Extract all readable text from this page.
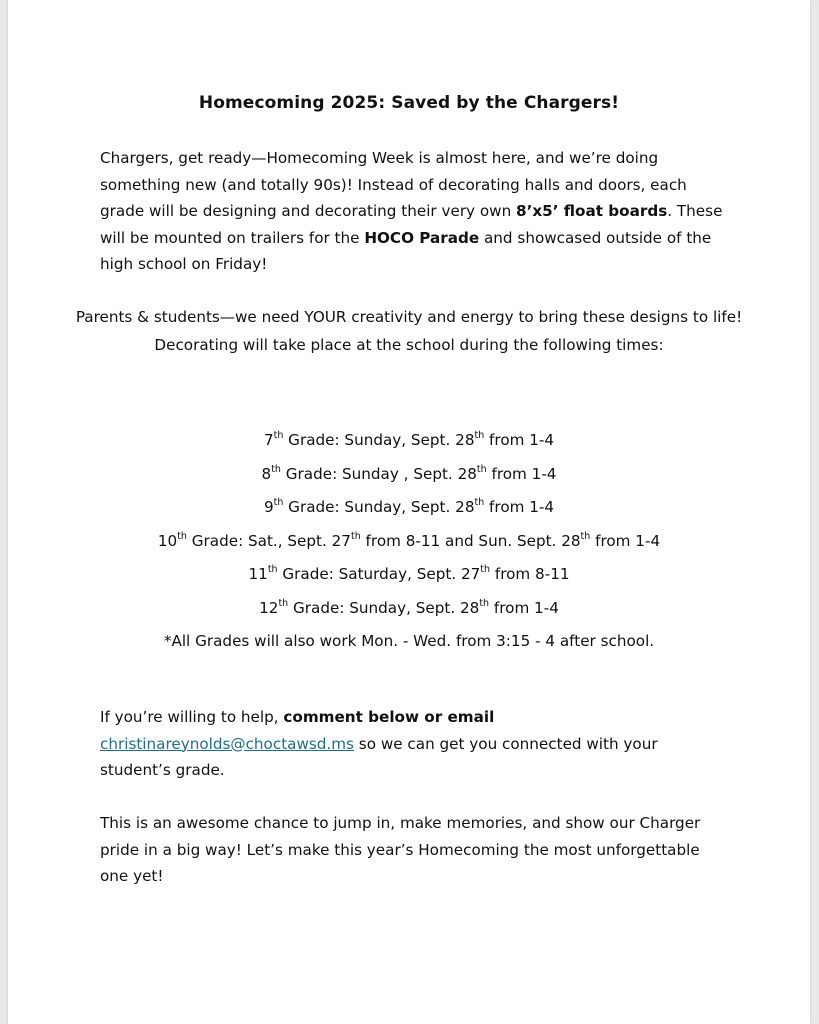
Homecoming 2025: Saved by the Chargers!
Chargers, get ready—Homecoming Week is almost here, and we’re doing something new (and totally 90s)! Instead of decorating halls and doors, each grade will be designing and decorating their very own 8’x5’ float boards. These will be mounted on trailers for the HOCO Parade and showcased outside of the high school on Friday!
Parents & students—we need YOUR creativity and energy to bring these designs to life! Decorating will take place at the school during the following times:
7th Grade: Sunday, Sept. 28th from 1-4
8th Grade: Sunday , Sept. 28th from 1-4
9th Grade: Sunday, Sept. 28th from 1-4
10th Grade: Sat., Sept. 27th from 8-11 and Sun. Sept. 28th from 1-4
11th Grade: Saturday, Sept. 27th from 8-11
12th Grade: Sunday, Sept. 28th from 1-4
*All Grades will also work Mon. - Wed. from 3:15 - 4 after school.
If you’re willing to help, comment below or email
christinareynolds@choctawsd.ms so we can get you connected with your student’s grade.
This is an awesome chance to jump in, make memories, and show our Charger pride in a big way! Let’s make this year’s Homecoming the most unforgettable one yet!
